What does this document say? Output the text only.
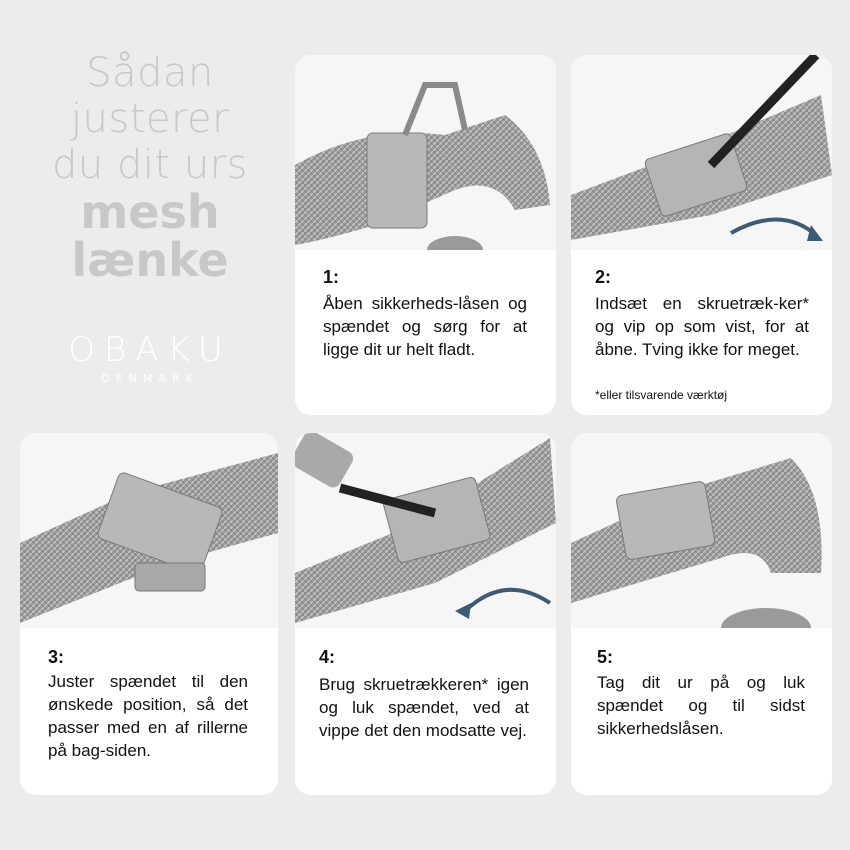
Sådan
justerer
du dit urs
mesh
lænke
OBAKU
DENMARK
1:
Åben sikkerheds-låsen og spændet og sørg for at ligge dit ur helt fladt.
2:
Indsæt en skruetræk-ker* og vip op som vist, for at åbne. Tving ikke for meget.
*eller tilsvarende værktøj
3:
Juster spændet til den ønskede position, så det passer med en af rillerne på bag-siden.
4:
Brug skruetrækkeren* igen og luk spændet, ved at vippe det den modsatte vej.
5:
Tag dit ur på og luk spændet og til sidst sikkerhedslåsen.
